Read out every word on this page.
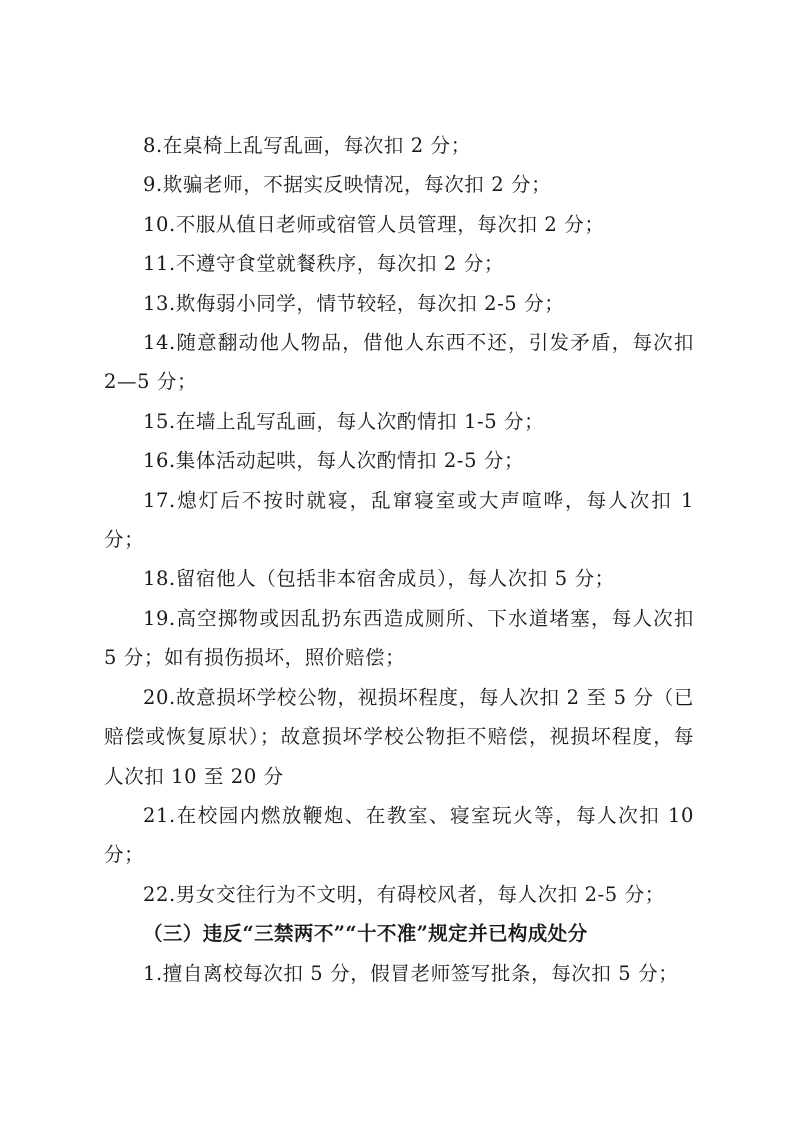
8.在桌椅上乱写乱画，每次扣 2 分；

9.欺骗老师，不据实反映情况，每次扣 2 分；

10.不服从值日老师或宿管人员管理，每次扣 2 分；

11.不遵守食堂就餐秩序，每次扣 2 分；

13.欺侮弱小同学，情节较轻，每次扣 2-5 分；

14.随意翻动他人物品，借他人东西不还，引发矛盾，每次扣 2—5 分；

15.在墙上乱写乱画，每人次酌情扣 1-5 分；

16.集体活动起哄，每人次酌情扣 2-5 分；

17.熄灯后不按时就寝，乱窜寝室或大声喧哗，每人次扣 1 分；

18.留宿他人（包括非本宿舍成员），每人次扣 5 分；

19.高空掷物或因乱扔东西造成厕所、下水道堵塞，每人次扣 5 分；如有损伤损坏，照价赔偿；

20.故意损坏学校公物，视损坏程度，每人次扣 2 至 5 分（已赔偿或恢复原状）；故意损坏学校公物拒不赔偿，视损坏程度，每人次扣 10 至 20 分

21.在校园内燃放鞭炮、在教室、寝室玩火等，每人次扣 10 分；

22.男女交往行为不文明，有碍校风者，每人次扣 2-5 分；

（三）违反“三禁两不”“十不准”规定并已构成处分

1.擅自离校每次扣 5 分，假冒老师签写批条，每次扣 5 分；
